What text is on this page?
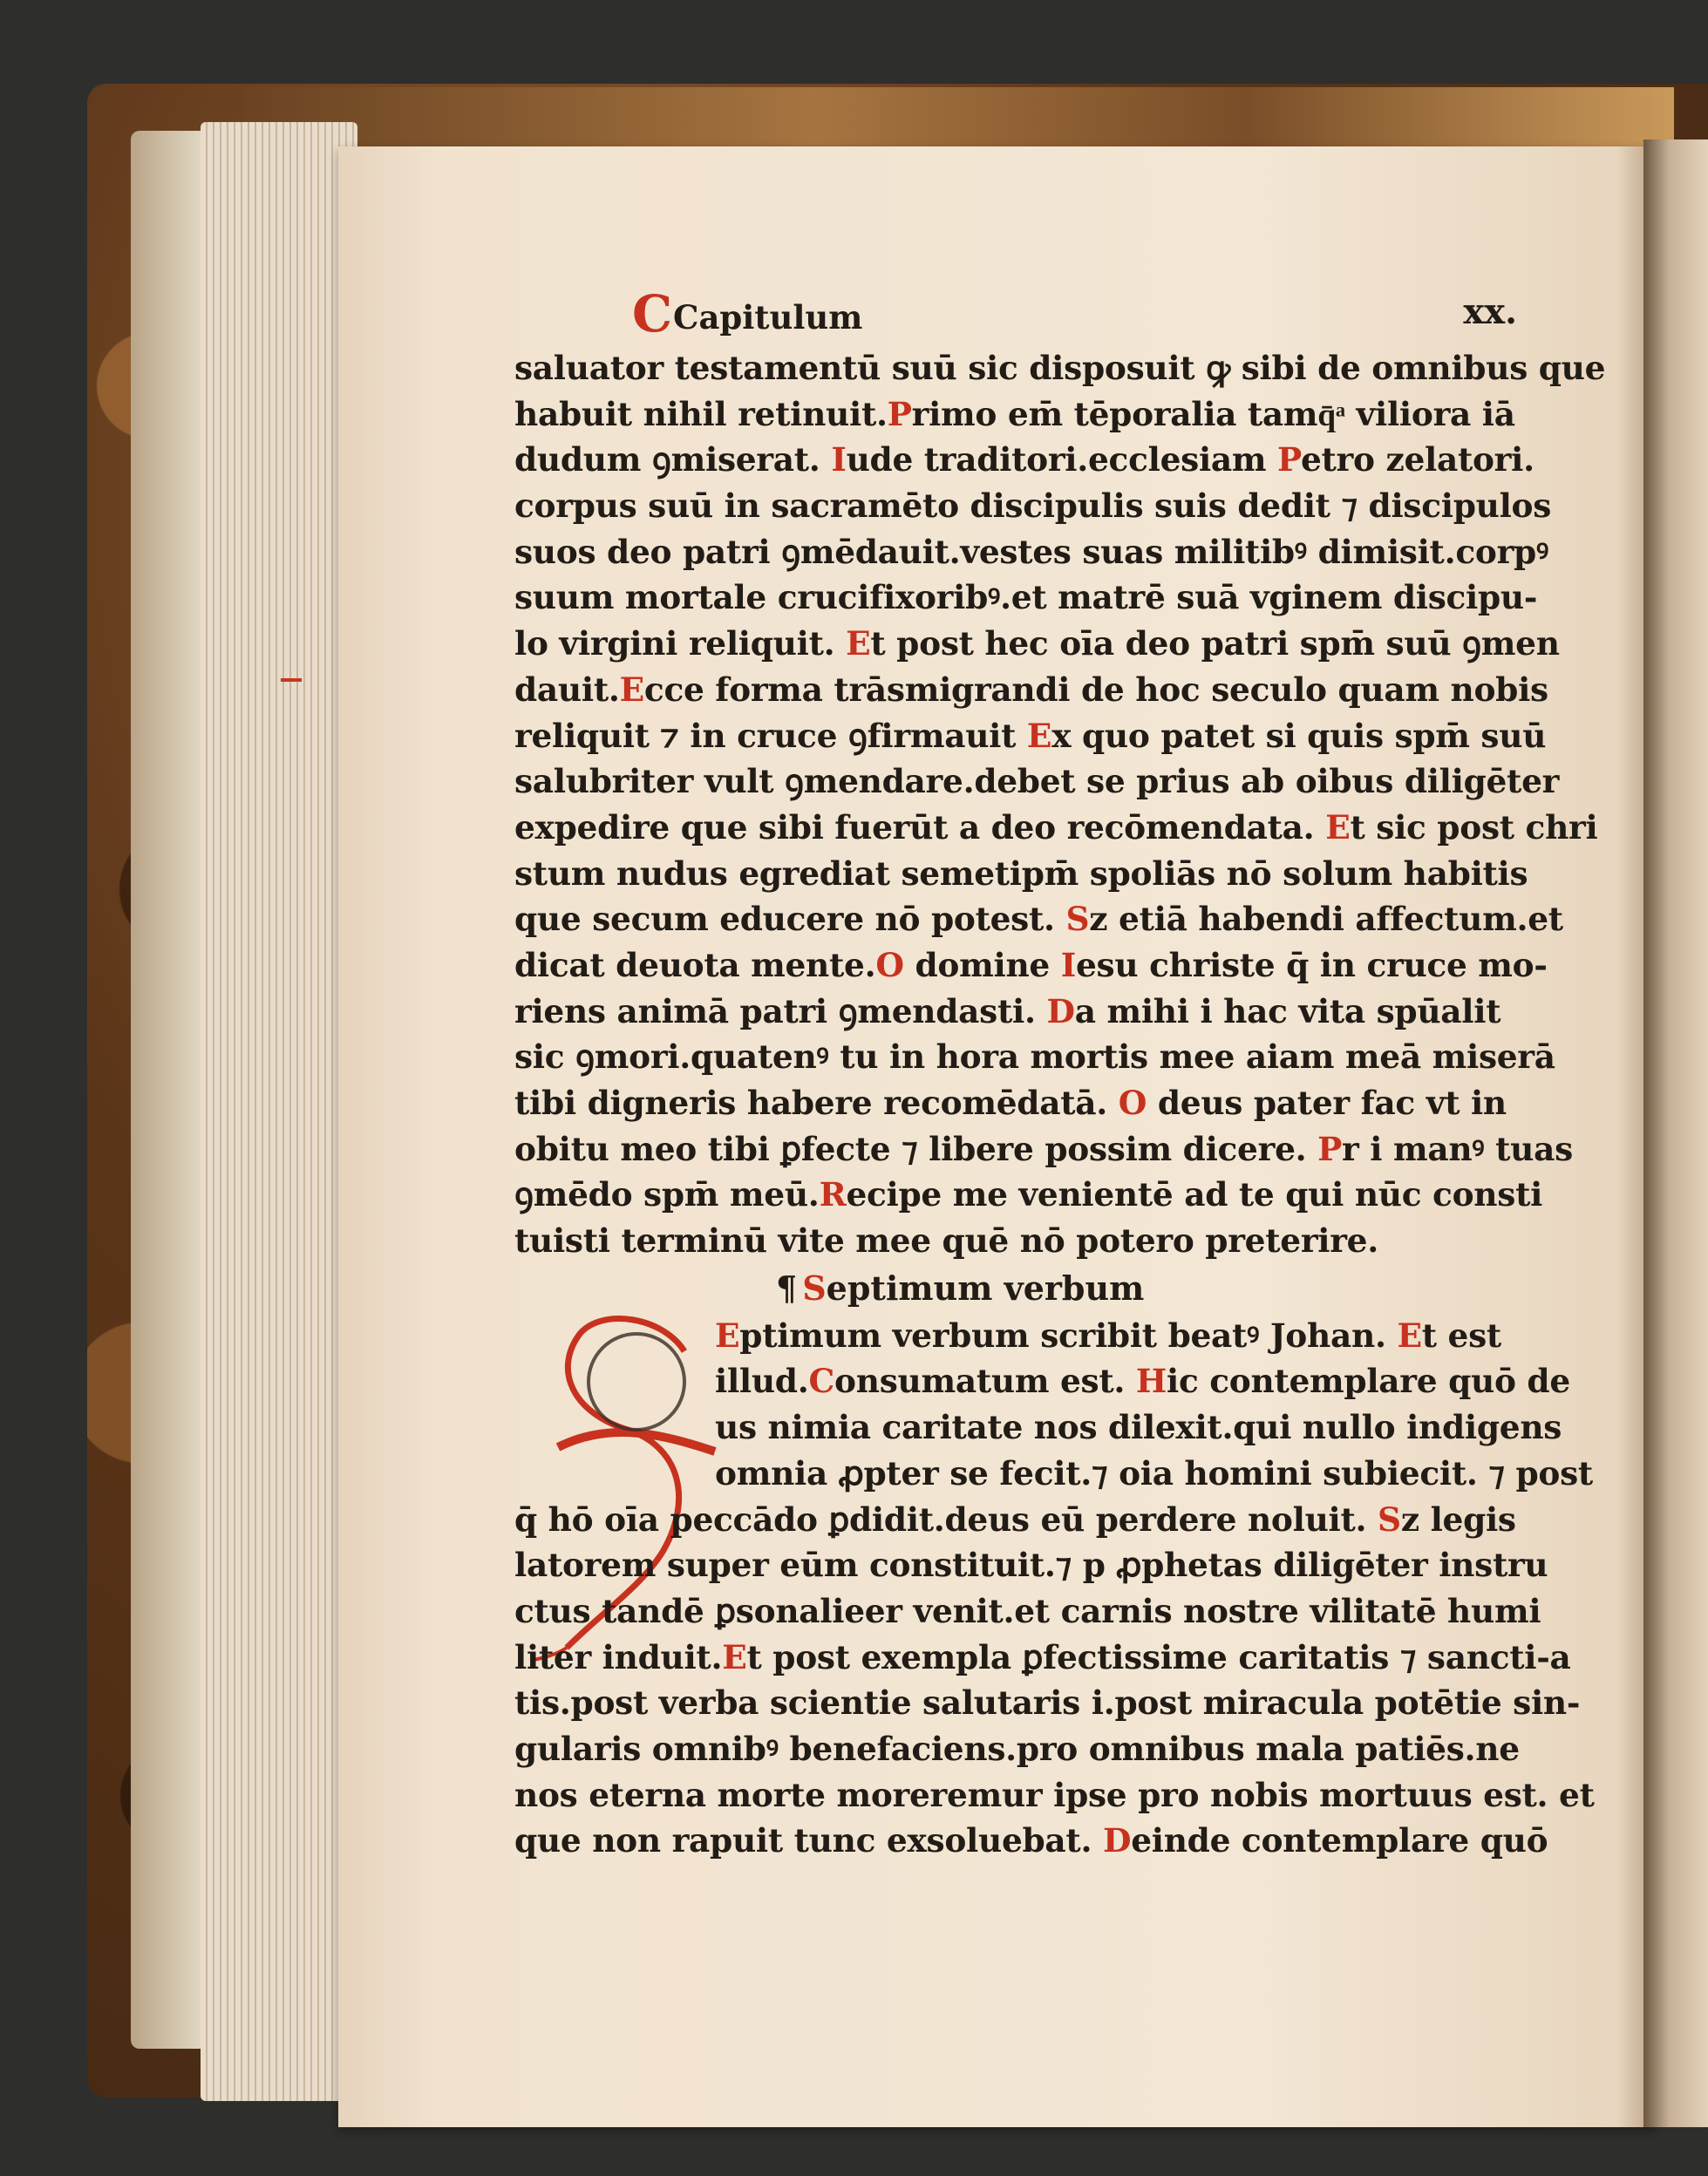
C Capitulum	xx.
saluator testamentū suū sic disposuit ꝙ sibi de omnibus que
habuit nihil retinuit.Primo em̄ tēporalia tamq̄ͣ viliora iā
dudum ꝯmiserat. Iude traditori.ecclesiam Petro zelatori.
corpus suū in sacramēto discipulis suis dedit ⁊ discipulos
suos deo patri ꝯmēdauit.vestes suas militibꝰ dimisit.corpꝰ
suum mortale crucifixoribꝰ.et matrē suā vginem discipu-
lo virgini reliquit. Et post hec oīa deo patri spm̄ suū ꝯmen
dauit.Ecce forma trāsmigrandi de hoc seculo quam nobis
reliquit ⁊ in cruce ꝯfirmauit Ex quo patet si quis spm̄ suū
salubriter vult ꝯmendare.debet se prius ab oibus diligēter
expedire que sibi fuerūt a deo recōmendata. Et sic post chri
stum nudus egrediat semetipm̄ spoliās nō solum habitis
que secum educere nō potest. Sz etiā habendi affectum.et
dicat deuota mente.O domine Iesu christe q̄ in cruce mo-
riens animā patri ꝯmendasti. Da mihi i hac vita spūalit
sic ꝯmori.quatenꝰ tu in hora mortis mee aiam meā miserā
tibi digneris habere recomēdatā. O deus pater fac vt in
obitu meo tibi ꝑfecte ⁊ libere possim dicere. Pr i manꝰ tuas
ꝯmēdo spm̄ meū.Recipe me venientē ad te qui nūc consti
tuisti terminū vite mee quē nō potero preterire.
¶ Septimum verbum
Eptimum verbum scribit beatꝰ Johan. Et est
illud.Consumatum est. Hic contemplare quō de
us nimia caritate nos dilexit.qui nullo indigens
omnia ꝓpter se fecit.⁊ oia homini subiecit. ⁊ post
q̄ hō oīa peccādo ꝑdidit.deus eū perdere noluit. Sz legis
latorem super eūm constituit.⁊ p ꝓphetas diligēter instru
ctus tandē ꝑsonalieer venit.et carnis nostre vilitatē humi
liter induit.Et post exempla ꝑfectissime caritatis ⁊ sancti-a
tis.post verba scientie salutaris i.post miracula potētie sin-
gularis omnibꝰ benefaciens.pro omnibus mala patiēs.ne
nos eterna morte moreremur ipse pro nobis mortuus est. et
que non rapuit tunc exsoluebat. Deinde contemplare quō
